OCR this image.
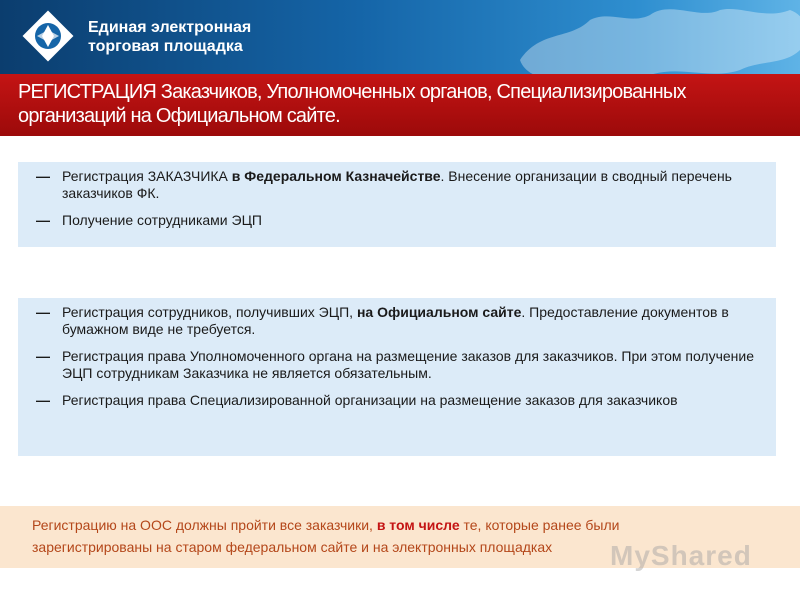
Единая электронная
торговая площадка
РЕГИСТРАЦИЯ Заказчиков, Уполномоченных органов, Специализированных организаций на Официальном сайте.
— Регистрация ЗАКАЗЧИКА в Федеральном Казначействе. Внесение организации в сводный перечень заказчиков ФК.
— Получение сотрудниками ЭЦП
— Регистрация сотрудников, получивших ЭЦП, на Официальном сайте. Предоставление документов в бумажном виде не требуется.
— Регистрация права Уполномоченного органа на размещение заказов для заказчиков. При этом получение ЭЦП сотрудникам Заказчика не является обязательным.
— Регистрация права Специализированной организации на размещение заказов для заказчиков
Регистрацию на ООС должны пройти все заказчики, в том числе те, которые ранее были зарегистрированы на старом федеральном сайте и на электронных площадках	MyShared
